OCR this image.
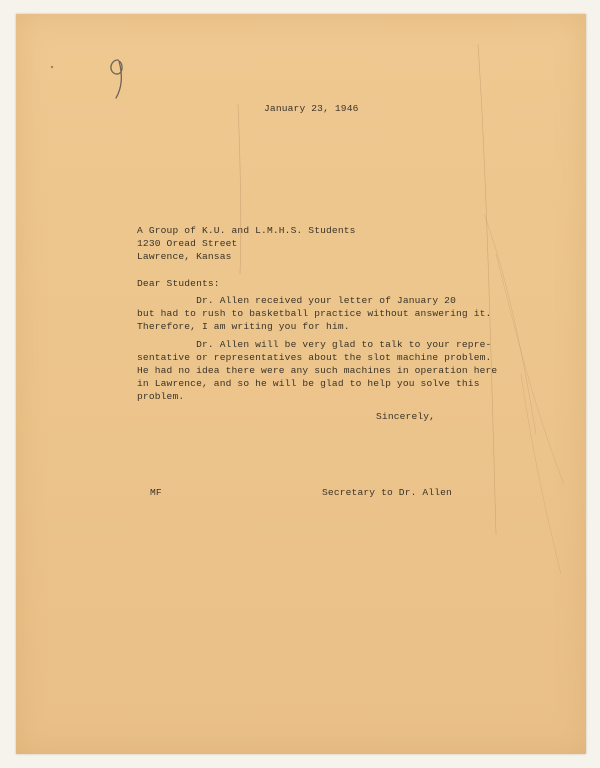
January 23, 1946
A Group of K.U. and L.M.H.S. Students
1230 Oread Street
Lawrence, Kansas
Dear Students:
Dr. Allen received your letter of January 20
but had to rush to basketball practice without answering it.
Therefore, I am writing you for him.
Dr. Allen will be very glad to talk to your repre-
sentative or representatives about the slot machine problem.
He had no idea there were any such machines in operation here
in Lawrence, and so he will be glad to help you solve this
problem.
Sincerely,
MF	Secretary to Dr. Allen
